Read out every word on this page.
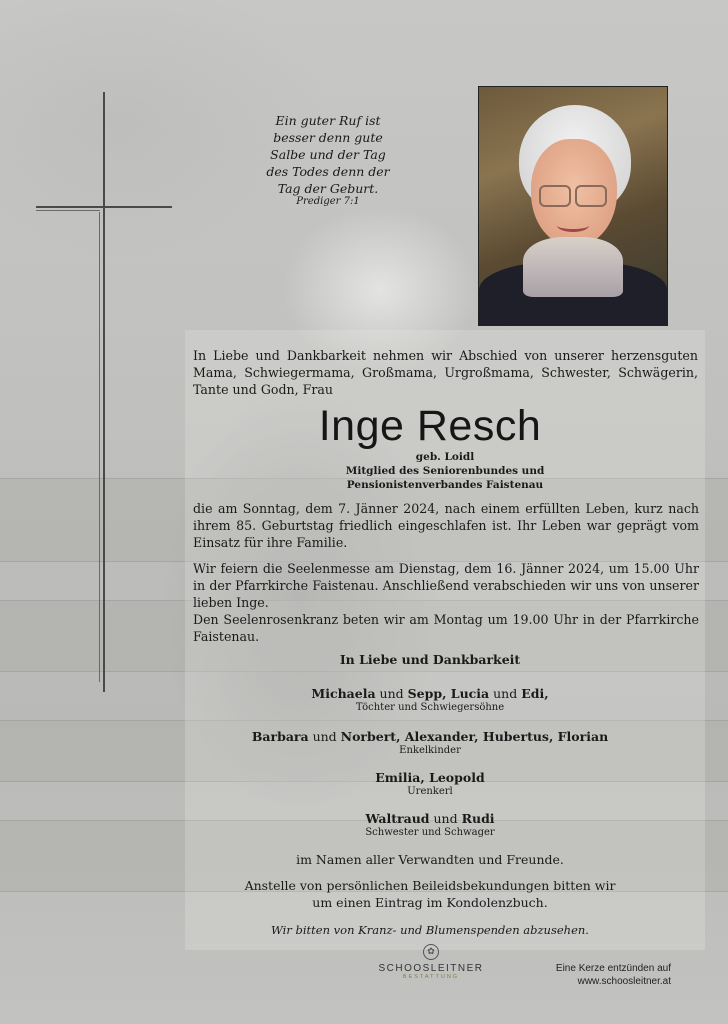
Ein guter Ruf ist
besser denn gute
Salbe und der Tag
des Todes denn der
Tag der Geburt.
Prediger 7:1
In Liebe und Dankbarkeit nehmen wir Abschied von unserer herzensguten Mama, Schwiegermama, Großmama, Urgroßmama, Schwester, Schwägerin, Tante und Godn, Frau
Inge Resch
geb. Loidl
Mitglied des Seniorenbundes und
Pensionistenverbandes Faistenau
die am Sonntag, dem 7. Jänner 2024, nach einem erfüllten Leben, kurz nach ihrem 85. Geburtstag friedlich eingeschlafen ist. Ihr Leben war geprägt vom Einsatz für ihre Familie.
Wir feiern die Seelenmesse am Dienstag, dem 16. Jänner 2024, um 15.00 Uhr in der Pfarrkirche Faistenau. Anschließend verabschieden wir uns von unserer lieben Inge.
Den Seelenrosenkranz beten wir am Montag um 19.00 Uhr in der Pfarrkirche Faistenau.
In Liebe und Dankbarkeit
Michaela und Sepp, Lucia und Edi,
Töchter und Schwiegersöhne
Barbara und Norbert, Alexander, Hubertus, Florian
Enkelkinder
Emilia, Leopold
Urenkerl
Waltraud und Rudi
Schwester und Schwager
im Namen aller Verwandten und Freunde.
Anstelle von persönlichen Beileidsbekundungen bitten wir
um einen Eintrag im Kondolenzbuch.
Wir bitten von Kranz- und Blumenspenden abzusehen.
✿
SCHOOSLEITNER
BESTATTUNG
Eine Kerze entzünden auf
www.schoosleitner.at
